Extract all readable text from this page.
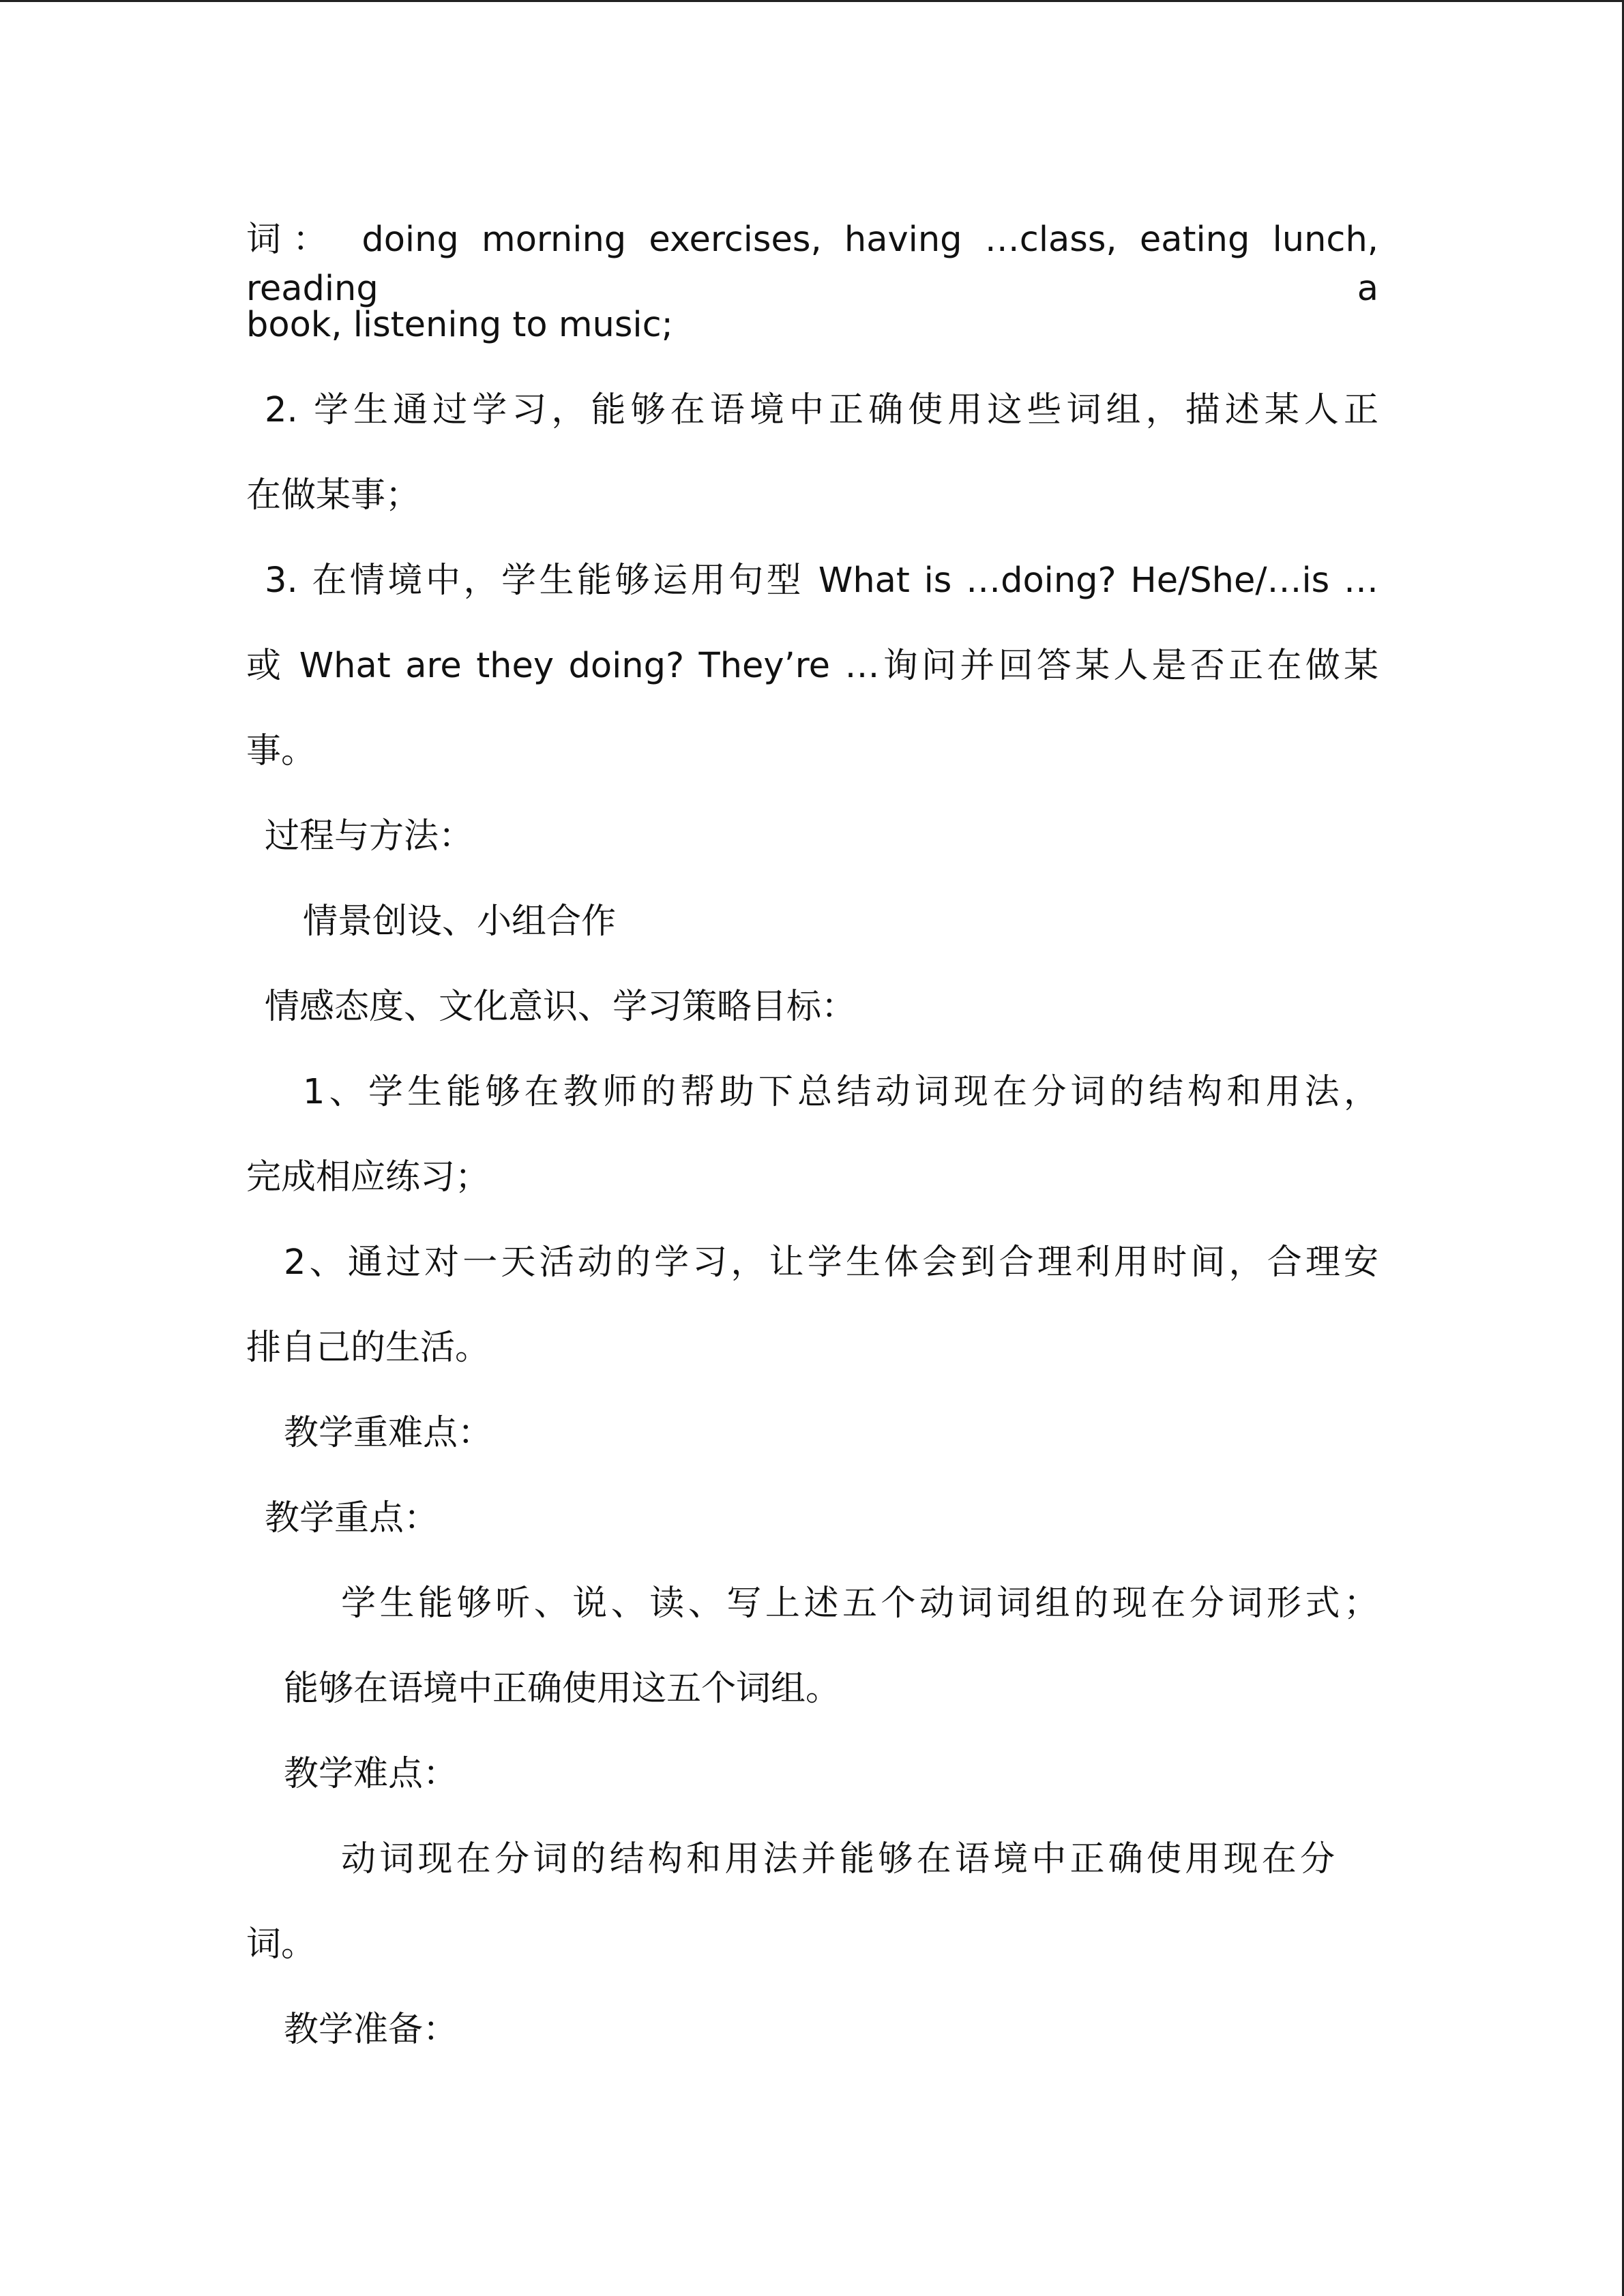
词： doing morning exercises, having …class, eating lunch, reading a
book, listening to music;
2. 学生通过学习，能够在语境中正确使用这些词组，描述某人正
在做某事；
3. 在情境中，学生能够运用句型 What is …doing? He/She/…is …
或 What are they doing? They’re …询问并回答某人是否正在做某
事。
过程与方法：
情景创设、小组合作
情感态度、文化意识、学习策略目标：
1、学生能够在教师的帮助下总结动词现在分词的结构和用法，
完成相应练习；
2、通过对一天活动的学习，让学生体会到合理利用时间，合理安
排自己的生活。
教学重难点：
教学重点：
学生能够听、说、读、写上述五个动词词组的现在分词形式；
能够在语境中正确使用这五个词组。
教学难点：
动词现在分词的结构和用法并能够在语境中正确使用现在分
词。
教学准备：
